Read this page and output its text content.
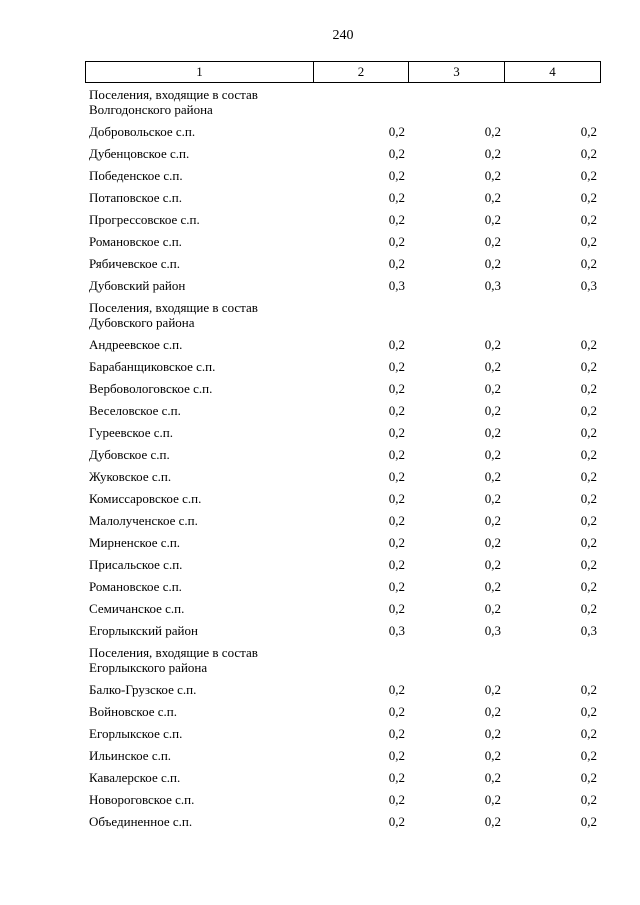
240
1	2	3	4
Поселения, входящие в состав
Волгодонского района
Добровольское с.п.	0,2	0,2	0,2
Дубенцовское с.п.	0,2	0,2	0,2
Победенское с.п.	0,2	0,2	0,2
Потаповское с.п.	0,2	0,2	0,2
Прогрессовское с.п.	0,2	0,2	0,2
Романовское с.п.	0,2	0,2	0,2
Рябичевское с.п.	0,2	0,2	0,2
Дубовский район	0,3	0,3	0,3
Поселения, входящие в состав
Дубовского района
Андреевское с.п.	0,2	0,2	0,2
Барабанщиковское с.п.	0,2	0,2	0,2
Вербовологовское с.п.	0,2	0,2	0,2
Веселовское с.п.	0,2	0,2	0,2
Гуреевское с.п.	0,2	0,2	0,2
Дубовское с.п.	0,2	0,2	0,2
Жуковское с.п.	0,2	0,2	0,2
Комиссаровское с.п.	0,2	0,2	0,2
Малолученское с.п.	0,2	0,2	0,2
Мирненское с.п.	0,2	0,2	0,2
Присальское с.п.	0,2	0,2	0,2
Романовское с.п.	0,2	0,2	0,2
Семичанское с.п.	0,2	0,2	0,2
Егорлыкский район	0,3	0,3	0,3
Поселения, входящие в состав
Егорлыкского района
Балко-Грузское с.п.	0,2	0,2	0,2
Войновское с.п.	0,2	0,2	0,2
Егорлыкское с.п.	0,2	0,2	0,2
Ильинское с.п.	0,2	0,2	0,2
Кавалерское с.п.	0,2	0,2	0,2
Новороговское с.п.	0,2	0,2	0,2
Объединенное с.п.	0,2	0,2	0,2
